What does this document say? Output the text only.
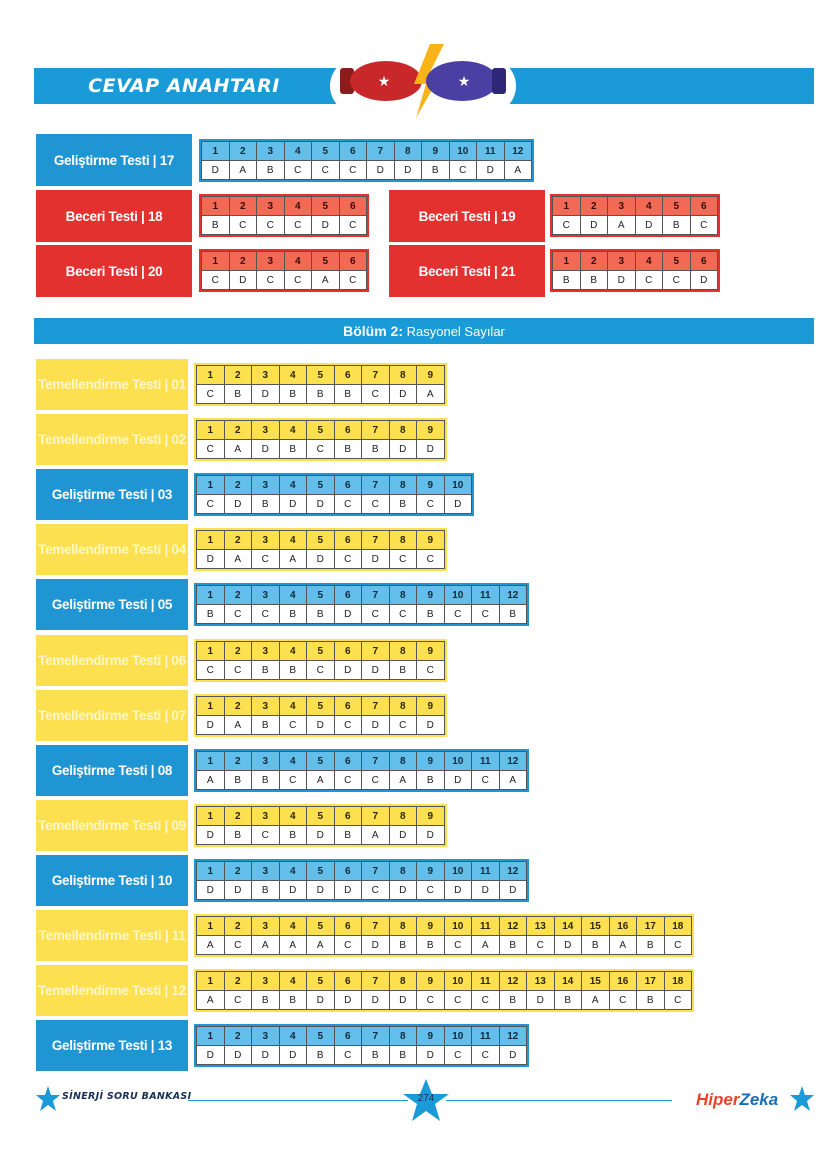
CEVAP ANAHTARI	★	★
Geliştirme Testi | 17
1	2	3	4	5	6	7	8	9	10	11	12
D	A	B	C	C	C	D	D	B	C	D	A
Beceri Testi | 18
1	2	3	4	5	6
B	C	C	C	D	C
Beceri Testi | 19
1	2	3	4	5	6
C	D	A	D	B	C
Beceri Testi | 20
1	2	3	4	5	6
C	D	C	C	A	C
Beceri Testi | 21
1	2	3	4	5	6
B	B	D	C	C	D
Bölüm 2: Rasyonel Sayılar
Temellendirme Testi | 01
1	2	3	4	5	6	7	8	9
C	B	D	B	B	B	C	D	A
Temellendirme Testi | 02
1	2	3	4	5	6	7	8	9
C	A	D	B	C	B	B	D	D
Geliştirme Testi | 03
1	2	3	4	5	6	7	8	9	10
C	D	B	D	D	C	C	B	C	D
Temellendirme Testi | 04
1	2	3	4	5	6	7	8	9
D	A	C	A	D	C	D	C	C
Geliştirme Testi | 05
1	2	3	4	5	6	7	8	9	10	11	12
B	C	C	B	B	D	C	C	B	C	C	B
Temellendirme Testi | 06
1	2	3	4	5	6	7	8	9
C	C	B	B	C	D	D	B	C
Temellendirme Testi | 07
1	2	3	4	5	6	7	8	9
D	A	B	C	D	C	D	C	D
Geliştirme Testi | 08
1	2	3	4	5	6	7	8	9	10	11	12
A	B	B	C	A	C	C	A	B	D	C	A
Temellendirme Testi | 09
1	2	3	4	5	6	7	8	9
D	B	C	B	D	B	A	D	D
Geliştirme Testi | 10
1	2	3	4	5	6	7	8	9	10	11	12
D	D	B	D	D	D	C	D	C	D	D	D
Temellendirme Testi | 11
1	2	3	4	5	6	7	8	9	10	11	12	13	14	15	16	17	18
A	C	A	A	A	C	D	B	B	C	A	B	C	D	B	A	B	C
Temellendirme Testi | 12
1	2	3	4	5	6	7	8	9	10	11	12	13	14	15	16	17	18
A	C	B	B	D	D	D	D	C	C	C	B	D	B	A	C	B	C
Geliştirme Testi | 13
1	2	3	4	5	6	7	8	9	10	11	12
D	D	D	D	B	C	B	B	D	C	C	D
SİNERJİ SORU BANKASI	274	HiperZeka
